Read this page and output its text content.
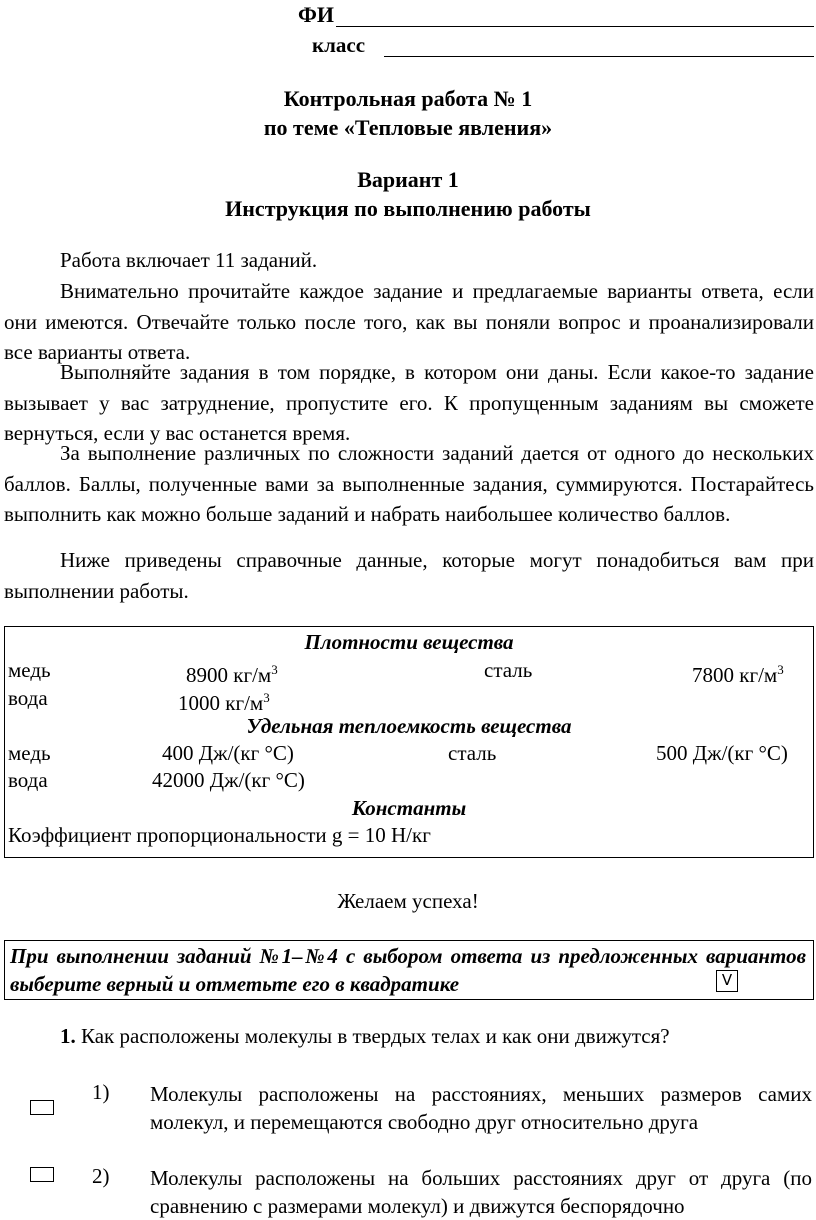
ФИ
класс
Контрольная работа № 1
по теме «Тепловые явления»
Вариант 1
Инструкция по выполнению работы
Работа включает 11 заданий.
Внимательно прочитайте каждое задание и предлагаемые варианты ответа, если они имеются. Отвечайте только после того, как вы поняли вопрос и проанализировали все варианты ответа.
Выполняйте задания в том порядке, в котором они даны. Если какое-то задание вызывает у вас затруднение, пропустите его. К пропущенным заданиям вы сможете вернуться, если у вас останется время.
За выполнение различных по сложности заданий дается от одного до нескольких баллов. Баллы, полученные вами за выполненные задания, суммируются. Постарайтесь выполнить как можно больше заданий и набрать наибольшее количество баллов.
Ниже приведены справочные данные, которые могут понадобиться вам при выполнении работы.
Плотности вещества
медь	8900 $кг/м^3$	сталь	7800 $кг/м^3$
вода	1000 $кг/м^3$
Удельная теплоемкость вещества
медь	400 Дж/(кг °С)	сталь	500 Дж/(кг °С)
вода	42000 Дж/(кг °С)
Константы
Коэффициент пропорциональности g = 10 Н/кг
Желаем успеха!
При выполнении заданий №1–№4 с выбором ответа из предложенных вариантов выберите верный и отметьте его в квадратике	V
1. Как расположены молекулы в твердых телах и как они движутся?
1) Молекулы расположены на расстояниях, меньших размеров самих молекул, и перемещаются свободно друг относительно друга
2) Молекулы расположены на больших расстояниях друг от друга (по сравнению с размерами молекул) и движутся беспорядочно
